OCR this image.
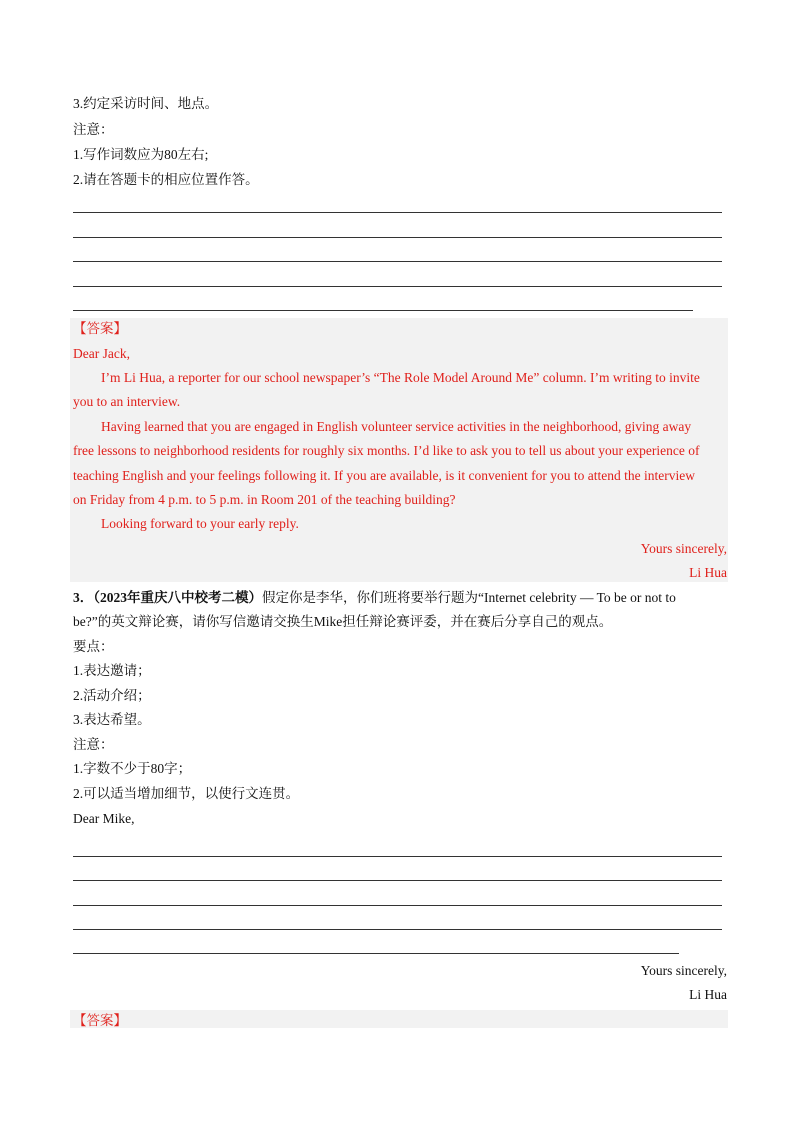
3.约定采访时间、地点。
注意：
1.写作词数应为80左右;
2.请在答题卡的相应位置作答。
【答案】
Dear Jack,
I’m Li Hua, a reporter for our school newspaper’s “The Role Model Around Me” column. I’m writing to invite
you to an interview.
Having learned that you are engaged in English volunteer service activities in the neighborhood, giving away
free lessons to neighborhood residents for roughly six months. I’d like to ask you to tell us about your experience of
teaching English and your feelings following it. If you are available, is it convenient for you to attend the interview
on Friday from 4 p.m. to 5 p.m. in Room 201 of the teaching building?
Looking forward to your early reply.
Yours sincerely,
Li Hua
3．（2023年重庆八中校考二模）假定你是李华，你们班将要举行题为“Internet celebrity — To be or not to
be?”的英文辩论赛，请你写信邀请交换生Mike担任辩论赛评委，并在赛后分享自己的观点。
要点：
1.表达邀请；
2.活动介绍；
3.表达希望。
注意：
1.字数不少于80字；
2.可以适当增加细节，以使行文连贯。
Dear Mike,
Yours sincerely,
Li Hua
【答案】
